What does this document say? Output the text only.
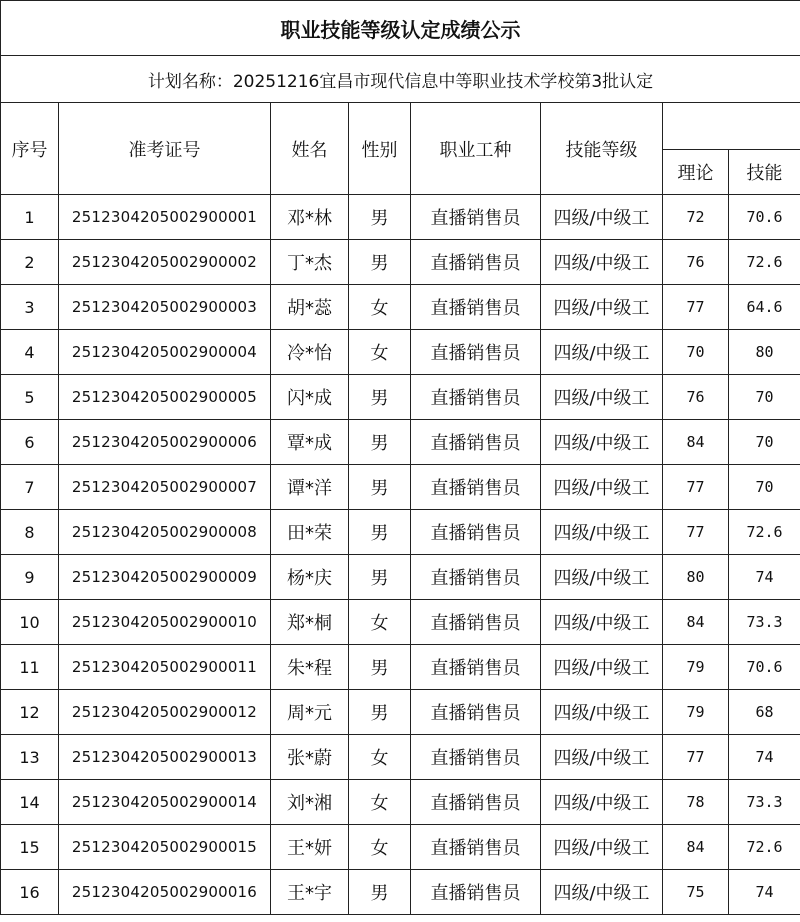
职业技能等级认定成绩公示							
计划名称：20251216宜昌市现代信息中等职业技术学校第3批认定							
序号	准考证号	姓名	性别	职业工种	技能等级		
						理论	技能
1	2512304205002900001	邓*林	男	直播销售员	四级/中级工	72	70.6
2	2512304205002900002	丁*杰	男	直播销售员	四级/中级工	76	72.6
3	2512304205002900003	胡*蕊	女	直播销售员	四级/中级工	77	64.6
4	2512304205002900004	冷*怡	女	直播销售员	四级/中级工	70	80
5	2512304205002900005	闪*成	男	直播销售员	四级/中级工	76	70
6	2512304205002900006	覃*成	男	直播销售员	四级/中级工	84	70
7	2512304205002900007	谭*洋	男	直播销售员	四级/中级工	77	70
8	2512304205002900008	田*荣	男	直播销售员	四级/中级工	77	72.6
9	2512304205002900009	杨*庆	男	直播销售员	四级/中级工	80	74
10	2512304205002900010	郑*桐	女	直播销售员	四级/中级工	84	73.3
11	2512304205002900011	朱*程	男	直播销售员	四级/中级工	79	70.6
12	2512304205002900012	周*元	男	直播销售员	四级/中级工	79	68
13	2512304205002900013	张*蔚	女	直播销售员	四级/中级工	77	74
14	2512304205002900014	刘*湘	女	直播销售员	四级/中级工	78	73.3
15	2512304205002900015	王*妍	女	直播销售员	四级/中级工	84	72.6
16	2512304205002900016	王*宇	男	直播销售员	四级/中级工	75	74
